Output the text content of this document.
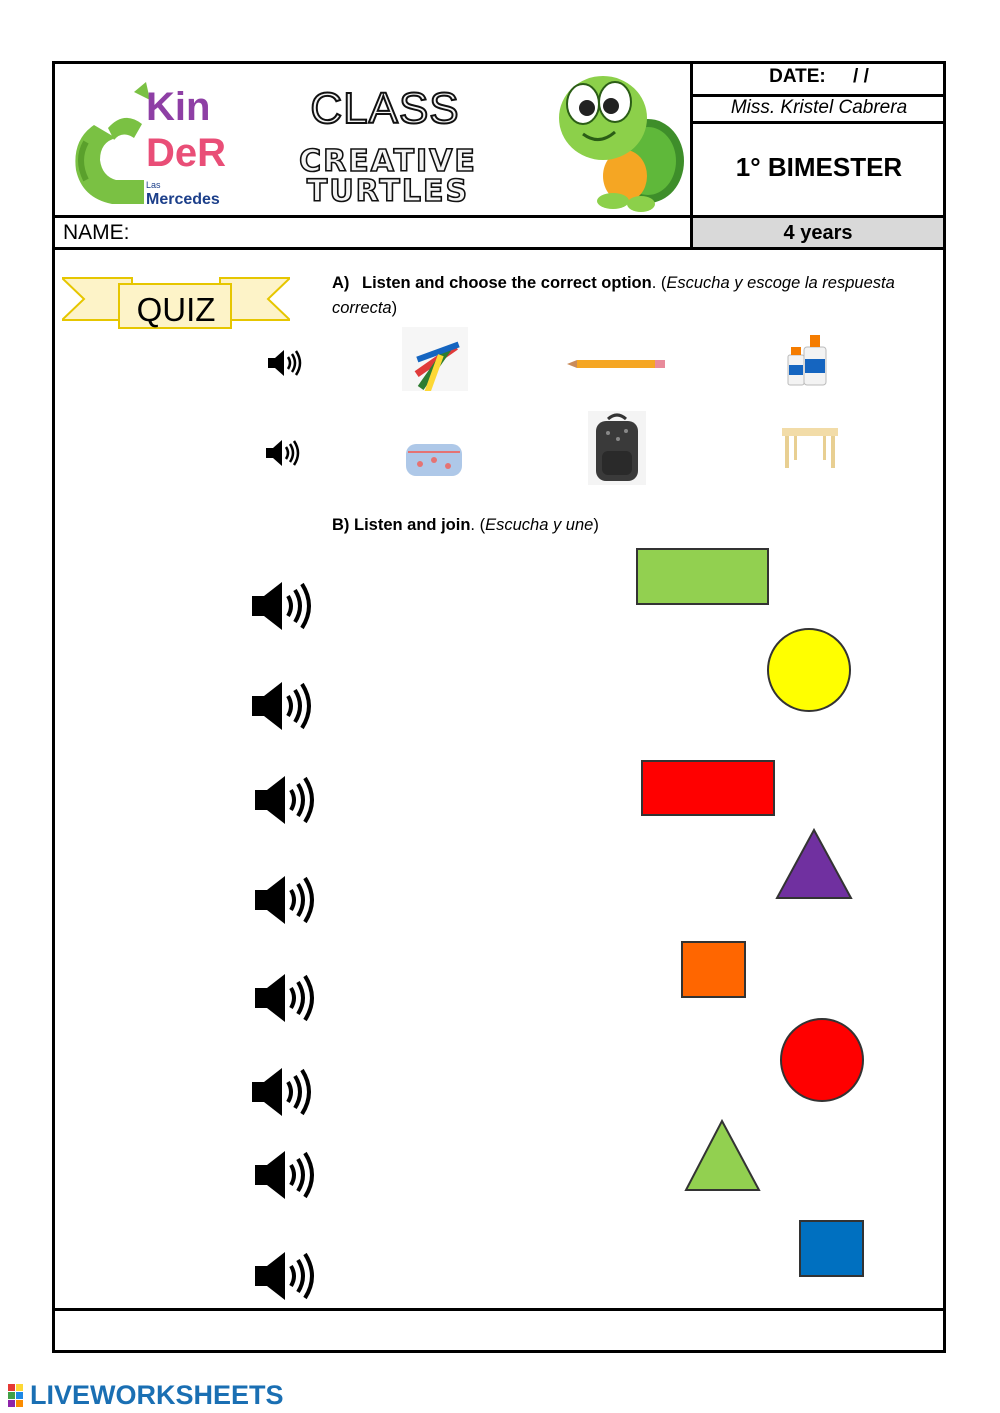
Kin
DeR
Las
Mercedes
CLASS
CREATIVE
TURTLES
DATE: / /
Miss. Kristel Cabrera
1° BIMESTER
NAME:	4 years
QUIZ
A) Listen and choose the correct option. (Escucha y escoge la respuesta correcta)
B) Listen and join. (Escucha y une)
LIVEWORKSHEETS
